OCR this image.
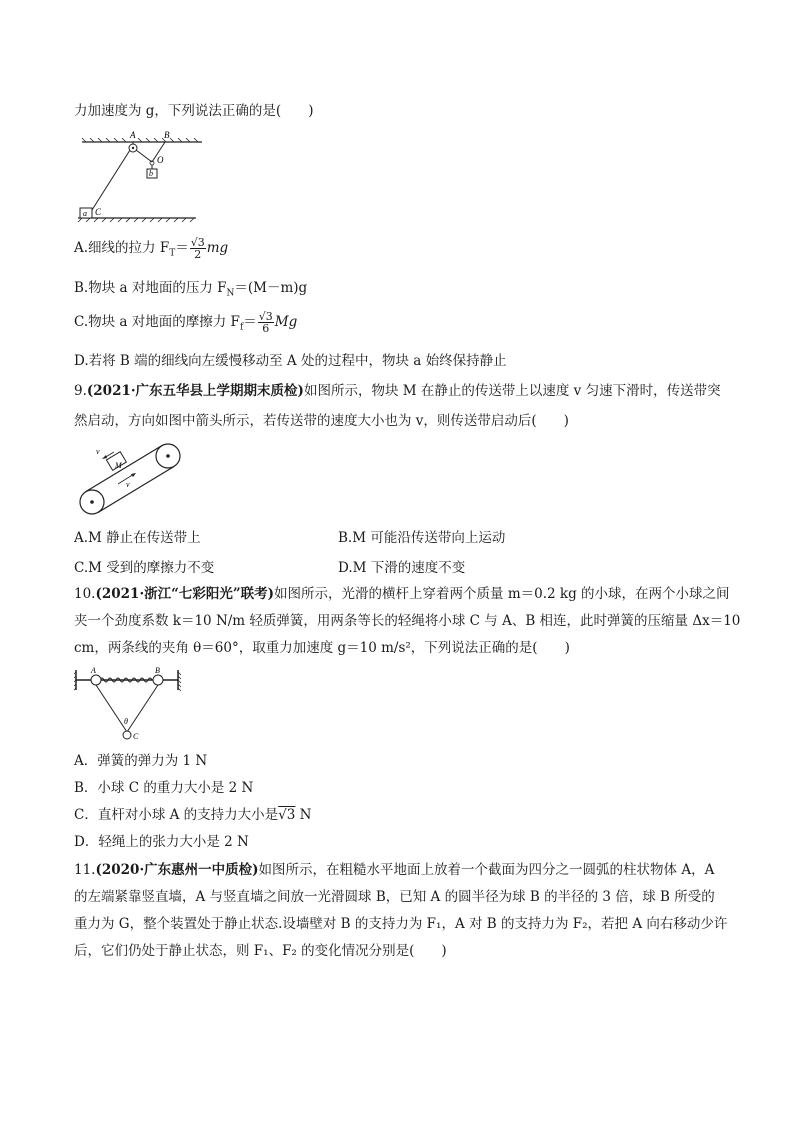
力加速度为 g，下列说法正确的是(　　)
A	B
O
b
a C
A.细线的拉力 $F_T= \frac{√3}{2}$ mg
B.物块 a 对地面的压力 $F_N=(M-m)g$
C.物块 a 对地面的摩擦力 $F_f= \frac{√3}{6}$ Mg
D.若将 B 端的细线向左缓慢移动至 A 处的过程中，物块 a 始终保持静止
9.(2021·广东五华县上学期期末质检)如图所示，物块 M 在静止的传送带上以速度 v 匀速下滑时，传送带突
然启动，方向如图中箭头所示，若传送带的速度大小也为 v，则传送带启动后(　　)
M
v
v
A.M 静止在传送带上	B.M 可能沿传送带向上运动
C.M 受到的摩擦力不变	D.M 下滑的速度不变
10.(2021·浙江“七彩阳光”联考)如图所示，光滑的横杆上穿着两个质量 m＝0.2 kg 的小球，在两个小球之间
夹一个劲度系数 k＝10 N/m 轻质弹簧，用两条等长的轻绳将小球 C 与 A、B 相连，此时弹簧的压缩量 Δx＝10
cm，两条线的夹角 θ＝60°，取重力加速度 g＝10 m/s²，下列说法正确的是(　　)
A	B
θ
C
A．弹簧的弹力为 1 N
B．小球 C 的重力大小是 2 N
C．直杆对小球 A 的支持力大小是√3 N
D．轻绳上的张力大小是 2 N
11.(2020·广东惠州一中质检)如图所示，在粗糙水平地面上放着一个截面为四分之一圆弧的柱状物体 A，A
的左端紧靠竖直墙，A 与竖直墙之间放一光滑圆球 B，已知 A 的圆半径为球 B 的半径的 3 倍，球 B 所受的
重力为 G，整个装置处于静止状态.设墙壁对 B 的支持力为 F₁，A 对 B 的支持力为 F₂，若把 A 向右移动少许
后，它们仍处于静止状态，则 F₁、F₂ 的变化情况分别是(　　)
